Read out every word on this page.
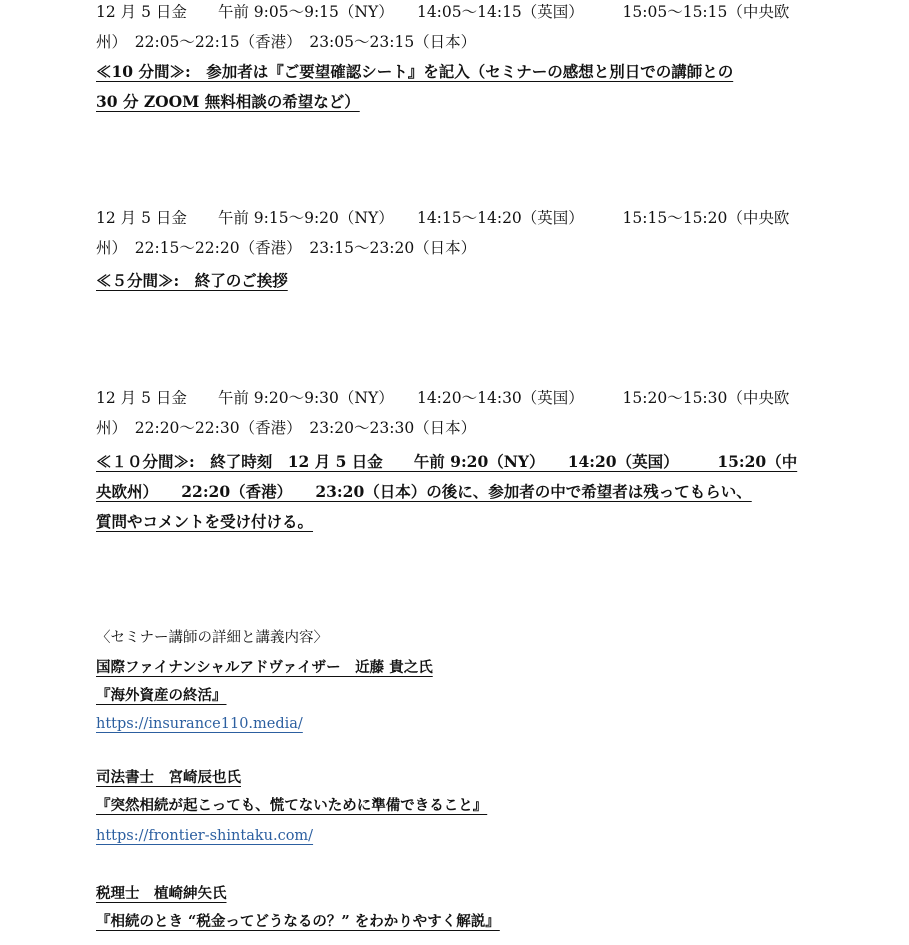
12 月 5 日金　　午前 9:05〜9:15（NY）　　14:05〜14:15（英国）　　　15:05〜15:15（中央欧
州）　22:05〜22:15（香港）　23:05〜23:15（日本）
≪10 分間≫:　参加者は『ご要望確認シート』を記入（セミナーの感想と別日での講師との
30 分 ZOOM 無料相談の希望など）
12 月 5 日金　　午前 9:15〜9:20（NY）　　14:15〜14:20（英国）　　　15:15〜15:20（中央欧
州）　22:15〜22:20（香港）　23:15〜23:20（日本）
≪５分間≫:　終了のご挨拶
12 月 5 日金　　午前 9:20〜9:30（NY）　　14:20〜14:30（英国）　　　15:20〜15:30（中央欧
州）　22:20〜22:30（香港）　23:20〜23:30（日本）
≪１０分間≫:　終了時刻　12 月 5 日金　　午前 9:20（NY）　　14:20（英国）　　　15:20（中
央欧州）　　22:20（香港）　　23:20（日本）の後に、参加者の中で希望者は残ってもらい、
質問やコメントを受け付ける。
〈セミナー講師の詳細と講義内容〉
国際ファイナンシャルアドヴァイザー　近藤 貴之氏
『海外資産の終活』
https://insurance110.media/
司法書士　宮崎辰也氏
『突然相続が起こっても、慌てないために準備できること』
https://frontier-shintaku.com/
税理士　植崎紳矢氏
『相続のとき “税金ってどうなるの？” をわかりやすく解説』
